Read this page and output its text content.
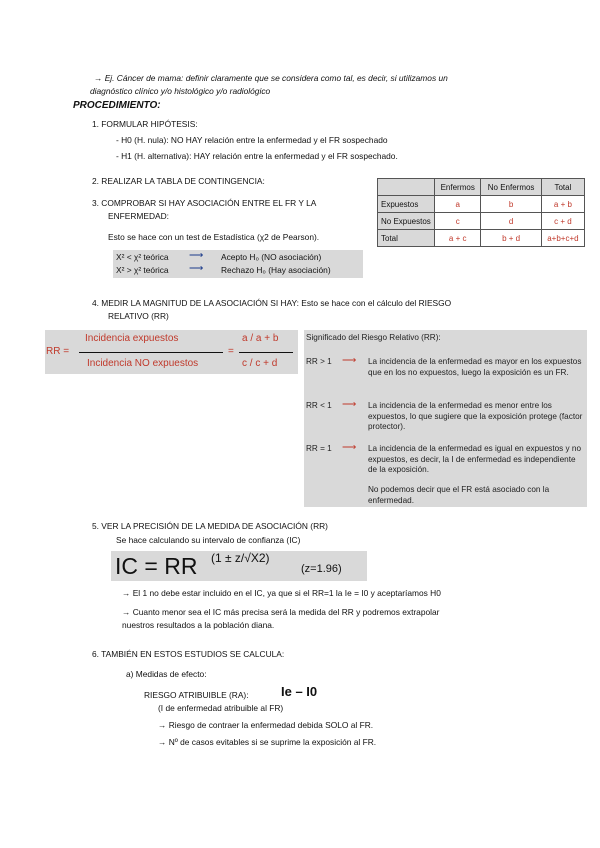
→ Ej. Cáncer de mama: definir claramente que se considera como tal, es decir, si utilizamos un
diagnóstico clínico y/o histológico y/o radiológico
PROCEDIMIENTO:
1. FORMULAR HIPÓTESIS:
- H0 (H. nula): NO HAY relación entre la enfermedad y el FR sospechado
- H1 (H. alternativa): HAY relación entre la enfermedad y el FR sospechado.
2. REALIZAR LA TABLA DE CONTINGENCIA:
3. COMPROBAR SI HAY ASOCIACIÓN ENTRE EL FR Y LA
ENFERMEDAD:
Esto se hace con un test de Estadística (χ2 de Pearson).
X² < χ² teórica ⟶ Acepto H₀ (NO asociación)
X² > χ² teórica ⟶ Rechazo H₀ (Hay asociación)
	Enfermos	No Enfermos	Total
Expuestos	a	b	a + b
No Expuestos	c	d	c + d
Total	a + c	b + d	a+b+c+d
4. MEDIR LA MAGNITUD DE LA ASOCIACIÓN SI HAY: Esto se hace con el cálculo del RIESGO
RELATIVO (RR)
RR =
Incidencia expuestos
Incidencia NO expuestos
=
a / a + b
c / c + d
Significado del Riesgo Relativo (RR):
RR > 1 ⟶ La incidencia de la enfermedad es mayor en los expuestos que en los no expuestos, luego la exposición es un FR.
RR < 1 ⟶ La incidencia de la enfermedad es menor entre los expuestos, lo que sugiere que la exposición protege (factor protector).
RR = 1 ⟶ La incidencia de la enfermedad es igual en expuestos y no expuestos, es decir, la I de enfermedad es independiente de la exposición.
No podemos decir que el FR está asociado con la enfermedad.
5. VER LA PRECISIÓN DE LA MEDIDA DE ASOCIACIÓN (RR)
Se hace calculando su intervalo de confianza (IC)
IC = RR (1 ± z/√X2)
(z=1.96)
→ El 1 no debe estar incluido en el IC, ya que si el RR=1 la Ie = I0 y aceptaríamos H0
→ Cuanto menor sea el IC más precisa será la medida del RR y podremos extrapolar
nuestros resultados a la población diana.
6. TAMBIÉN EN ESTOS ESTUDIOS SE CALCULA:
a) Medidas de efecto:
RIESGO ATRIBUIBLE (RA): Ie – I0
(I de enfermedad atribuible al FR)
→ Riesgo de contraer la enfermedad debida SOLO al FR.
→ Nº de casos evitables si se suprime la exposición al FR.
